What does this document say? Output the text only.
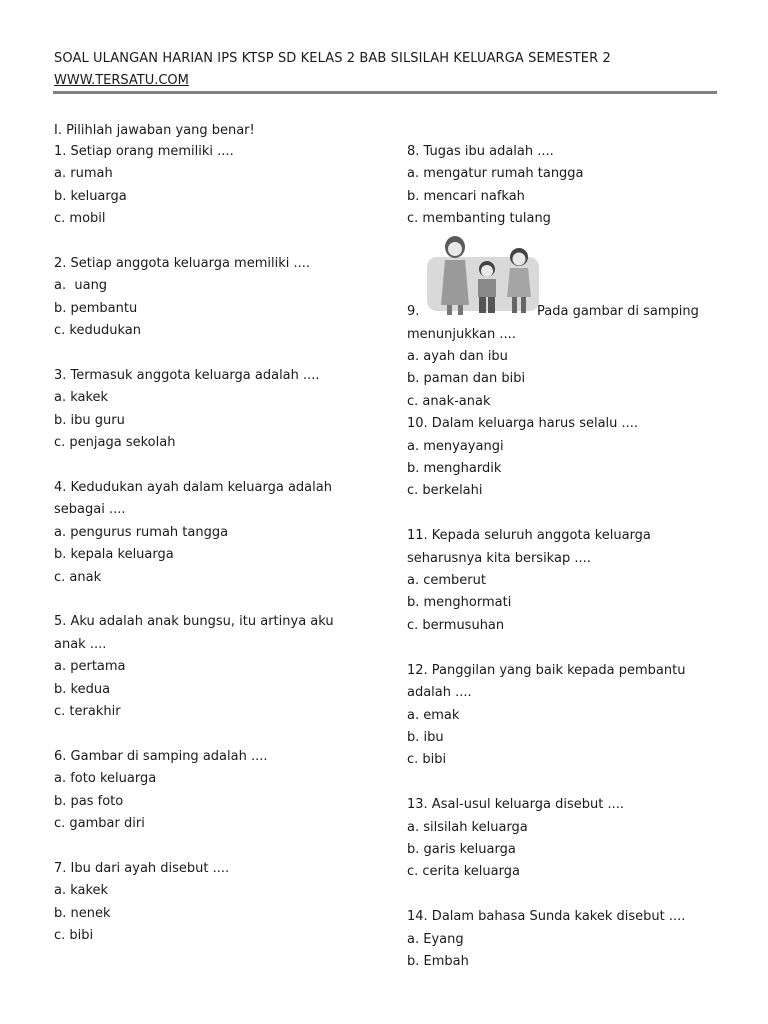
SOAL ULANGAN HARIAN IPS KTSP SD KELAS 2 BAB SILSILAH KELUARGA SEMESTER 2
WWW.TERSATU.COM
I. Pilihlah jawaban yang benar!

1. Setiap orang memiliki ....

a. rumah

b. keluarga

c. mobil

2. Setiap anggota keluarga memiliki ....

a.  uang

b. pembantu

c. kedudukan

3. Termasuk anggota keluarga adalah ....

a. kakek

b. ibu guru

c. penjaga sekolah

4. Kedudukan ayah dalam keluarga adalah sebagai ....

a. pengurus rumah tangga

b. kepala keluarga

c. anak

5. Aku adalah anak bungsu, itu artinya aku anak ....

a. pertama

b. kedua

c. terakhir

6. Gambar di samping adalah ....

a. foto keluarga

b. pas foto

c. gambar diri

7. Ibu dari ayah disebut ....

a. kakek

b. nenek

c. bibi

8. Tugas ibu adalah ....

a. mengatur rumah tangga

b. mencari nafkah

c. membanting tulang

9.	Pada gambar di samping

menunjukkan ....

a. ayah dan ibu

b. paman dan bibi

c. anak-anak

10. Dalam keluarga harus selalu ....

a. menyayangi

b. menghardik

c. berkelahi

11. Kepada seluruh anggota keluarga seharusnya kita bersikap ....

a. cemberut

b. menghormati

c. bermusuhan

12. Panggilan yang baik kepada pembantu adalah ....

a. emak

b. ibu

c. bibi

13. Asal-usul keluarga disebut ....

a. silsilah keluarga

b. garis keluarga

c. cerita keluarga

14. Dalam bahasa Sunda kakek disebut ....

a. Eyang

b. Embah
